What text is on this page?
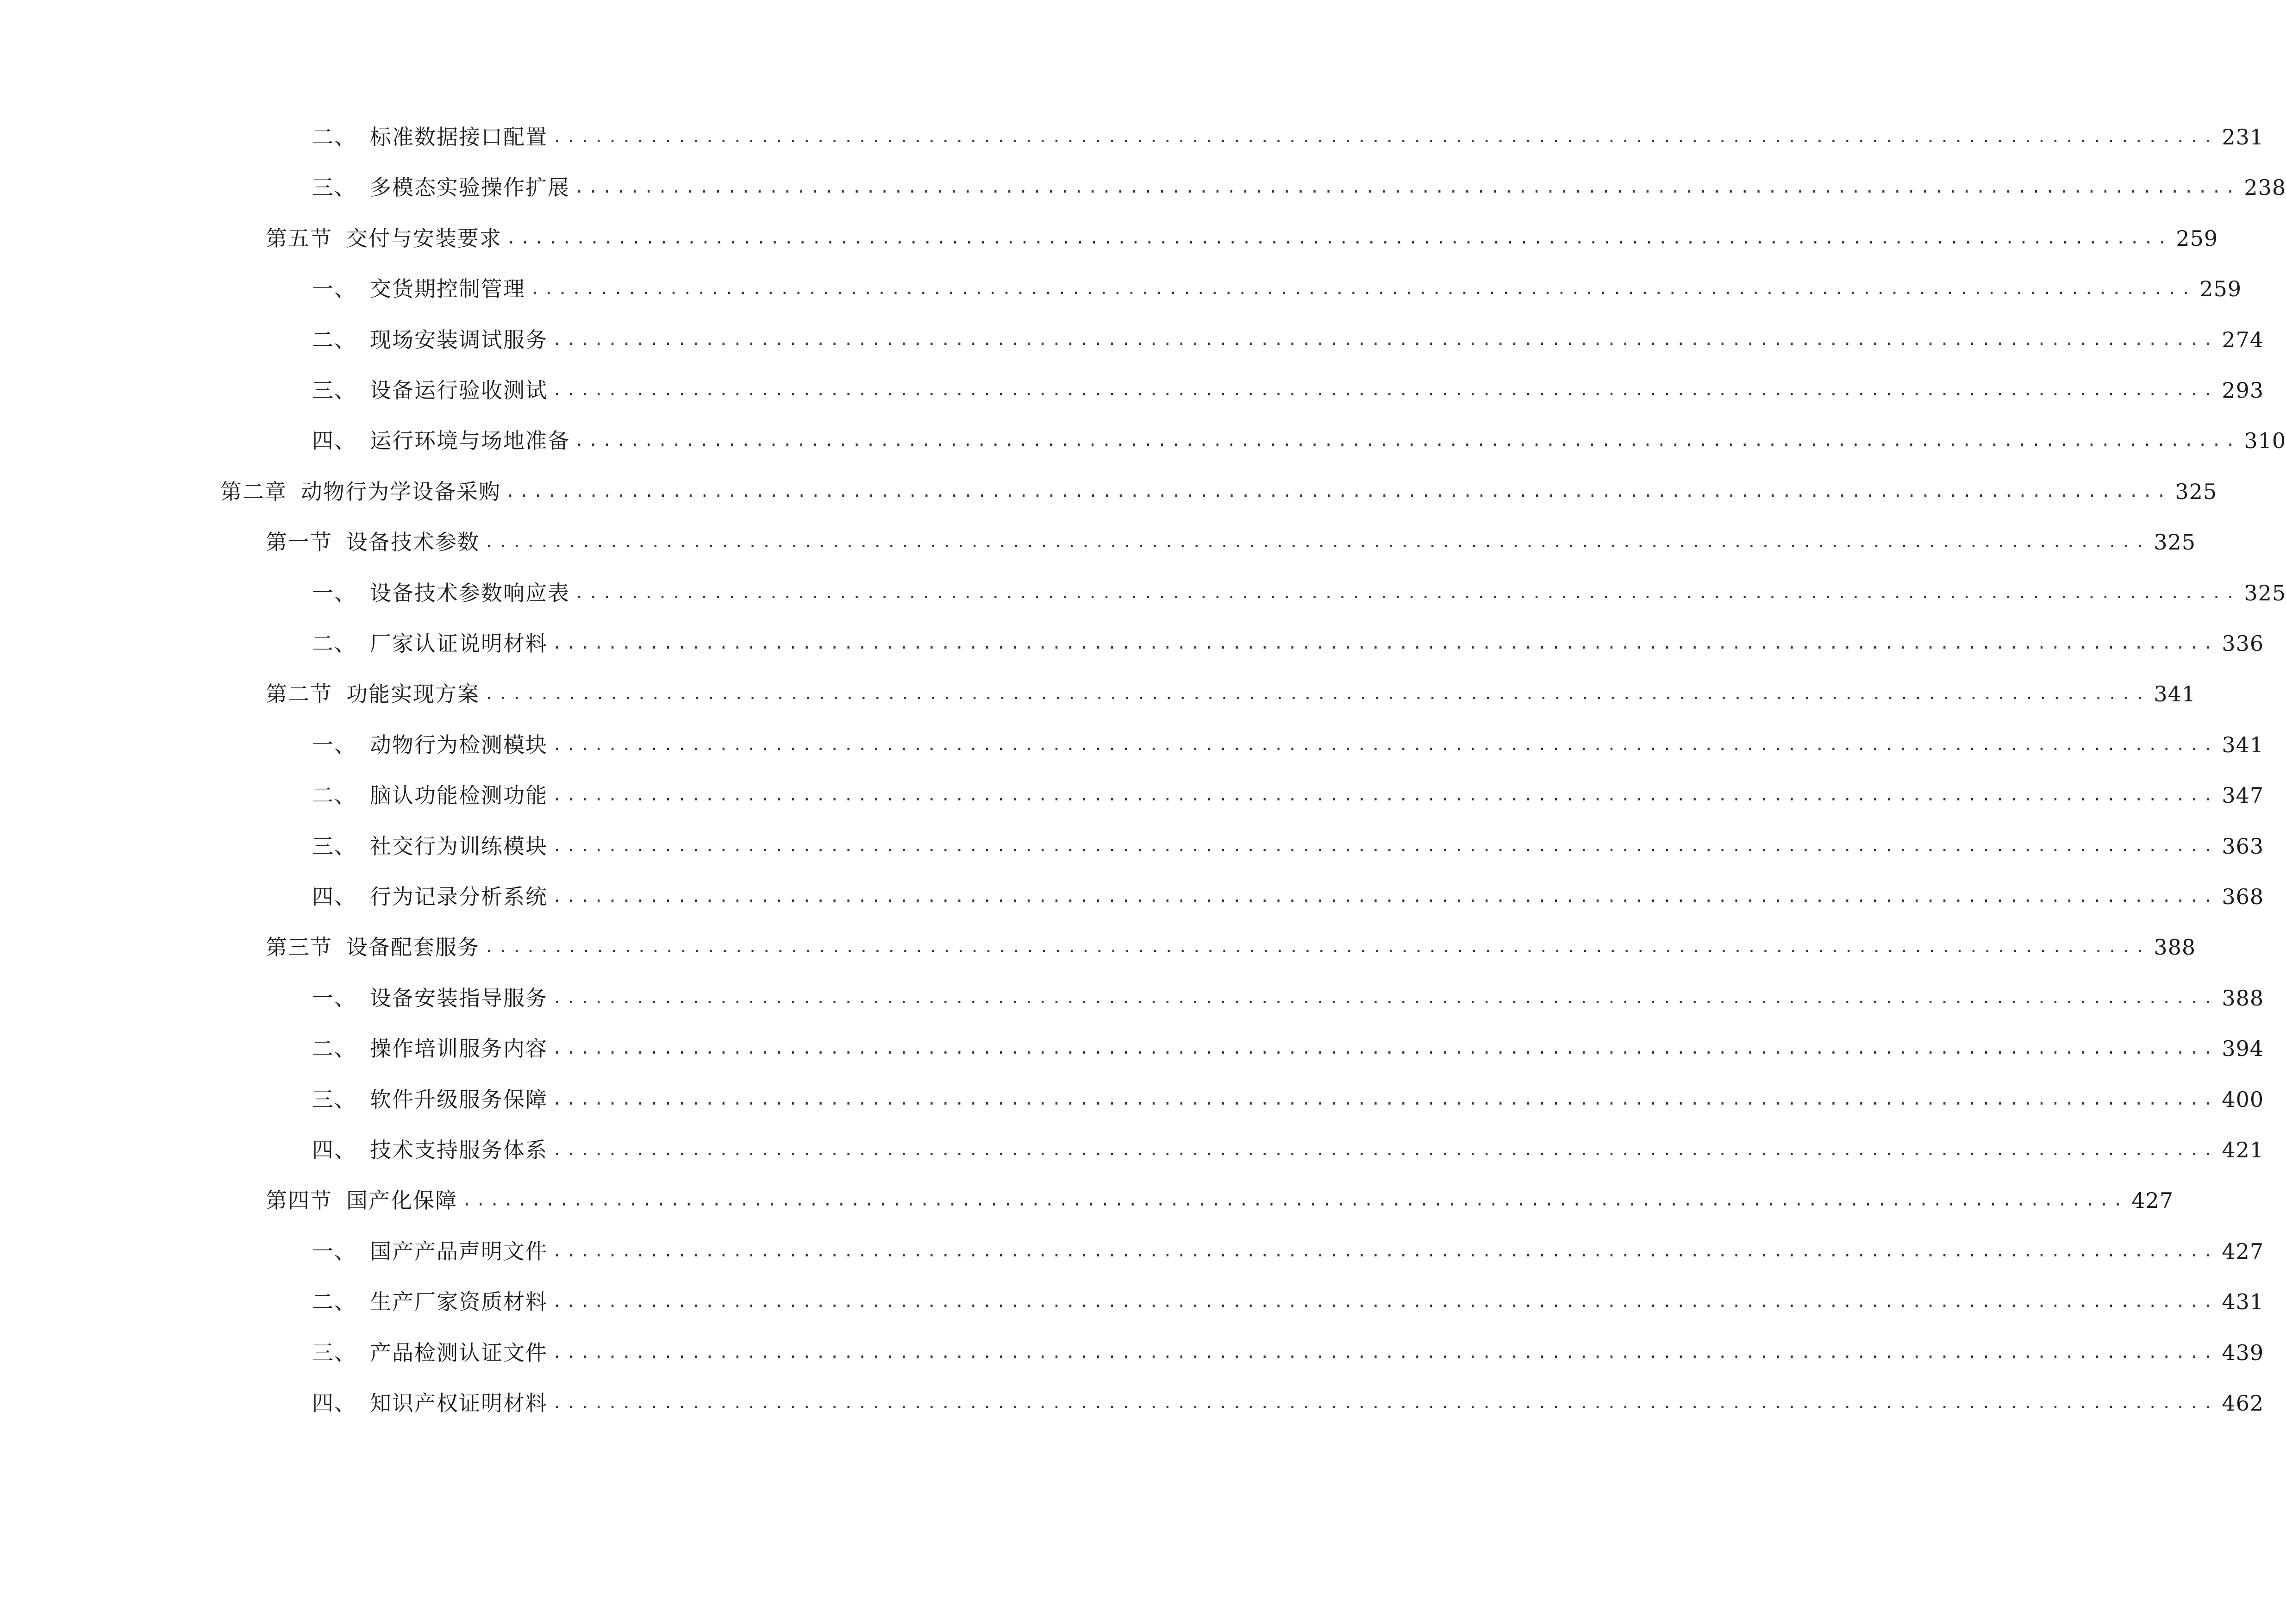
二、 标准数据接口配置 ........................................................................................................................ 231
三、 多模态实验操作扩展 ........................................................................................................................ 238
第五节 交付与安装要求 ........................................................................................................................ 259
一、 交货期控制管理 ........................................................................................................................ 259
二、 现场安装调试服务 ........................................................................................................................ 274
三、 设备运行验收测试 ........................................................................................................................ 293
四、 运行环境与场地准备 ........................................................................................................................ 310
第二章 动物行为学设备采购 ........................................................................................................................ 325
第一节 设备技术参数 ........................................................................................................................ 325
一、 设备技术参数响应表 ........................................................................................................................ 325
二、 厂家认证说明材料 ........................................................................................................................ 336
第二节 功能实现方案 ........................................................................................................................ 341
一、 动物行为检测模块 ........................................................................................................................ 341
二、 脑认功能检测功能 ........................................................................................................................ 347
三、 社交行为训练模块 ........................................................................................................................ 363
四、 行为记录分析系统 ........................................................................................................................ 368
第三节 设备配套服务 ........................................................................................................................ 388
一、 设备安装指导服务 ........................................................................................................................ 388
二、 操作培训服务内容 ........................................................................................................................ 394
三、 软件升级服务保障 ........................................................................................................................ 400
四、 技术支持服务体系 ........................................................................................................................ 421
第四节 国产化保障 ........................................................................................................................ 427
一、 国产产品声明文件 ........................................................................................................................ 427
二、 生产厂家资质材料 ........................................................................................................................ 431
三、 产品检测认证文件 ........................................................................................................................ 439
四、 知识产权证明材料 ........................................................................................................................ 462
